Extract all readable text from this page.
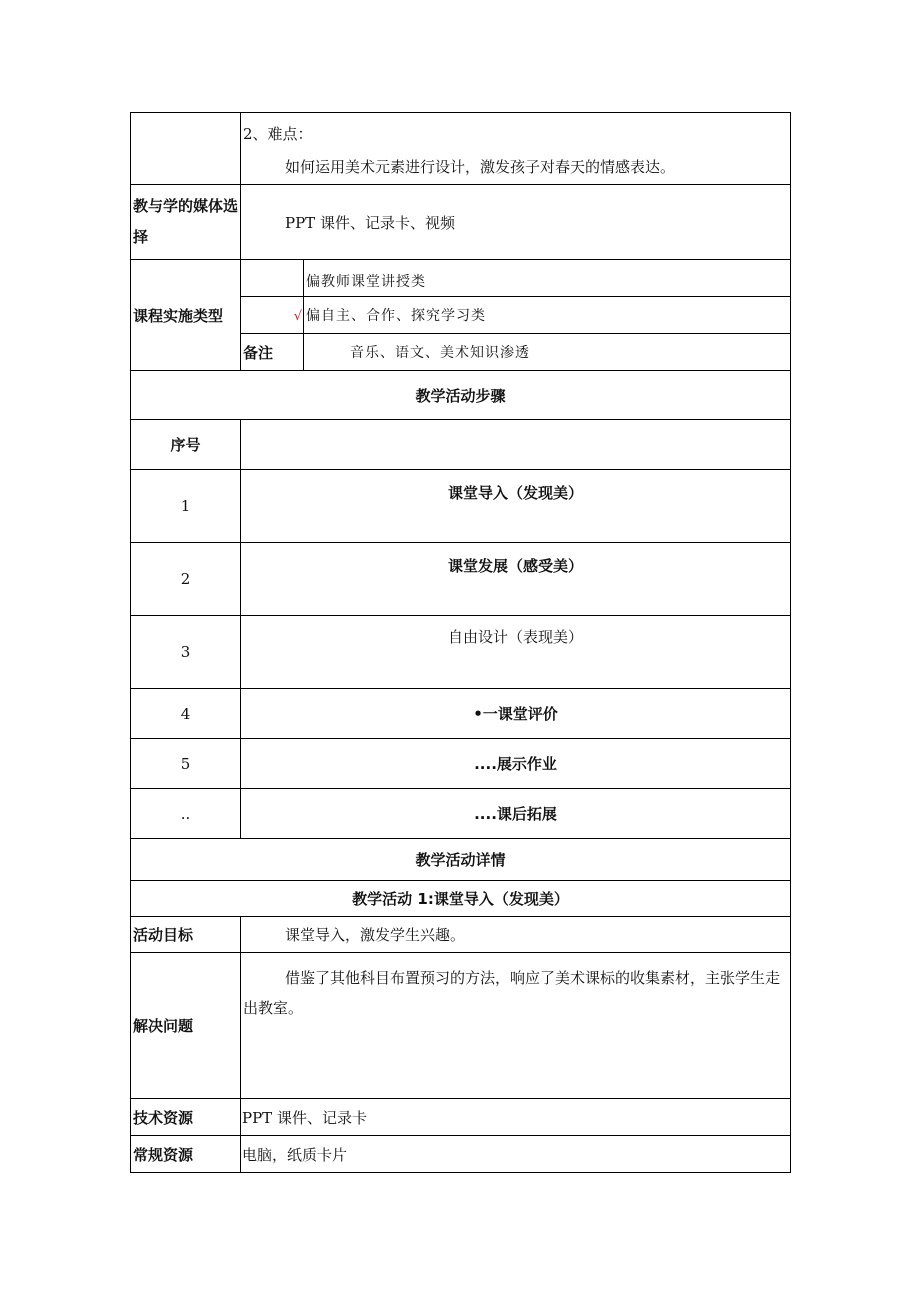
	2、难点：

如何运用美术元素进行设计，激发孩子对春天的情感表达。	

教与学的媒体选择	PPT 课件、记录卡、视频	
课程实施类型		偏教师课堂讲授类
	√	偏自主、合作、探究学习类
	备注	音乐、语文、美术知识渗透
教学活动步骤	
序号	
1	课堂导入（发现美）
2	课堂发展（感受美）
3	自由设计（表现美）
4	•一课堂评价
5	....展示作业
..	....课后拓展
教学活动详情	
教学活动 1:课堂导入（发现美）	
活动目标	课堂导入，激发学生兴趣。
解决问题	借鉴了其他科目布置预习的方法，响应了美术课标的收集素材，主张学生走出教室。
技术资源	PPT 课件、记录卡
常规资源	电脑，纸质卡片
